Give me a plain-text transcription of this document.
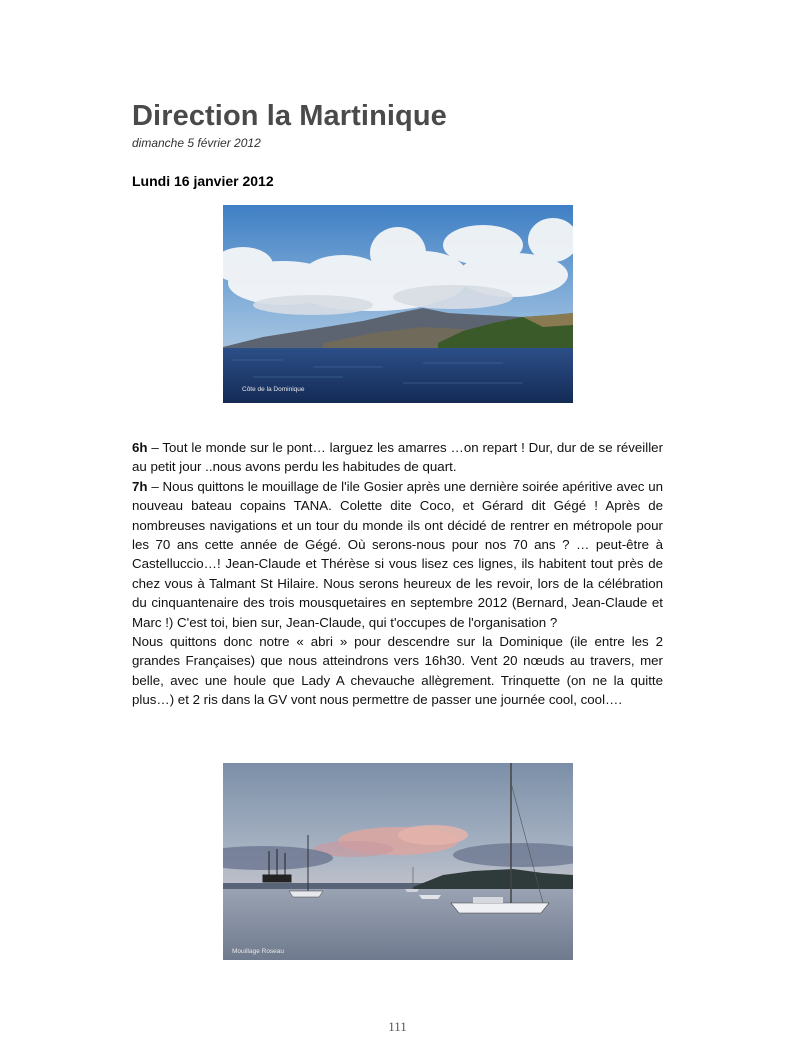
Direction la Martinique
dimanche 5 février 2012
Lundi 16 janvier 2012
Côte de la Dominique

6h – Tout le monde sur le pont… larguez les amarres …on repart ! Dur, dur de se réveiller au petit jour ..nous avons perdu les habitudes de quart.

7h – Nous quittons le mouillage de l'ile Gosier après une dernière soirée apéritive avec un nouveau bateau copains TANA. Colette dite Coco, et Gérard dit Gégé ! Après de nombreuses navigations et un tour du monde ils ont décidé de rentrer en métropole pour les 70 ans cette année de Gégé. Où serons-nous pour nos 70 ans ? … peut-être à Castelluccio…! Jean-Claude et Thérèse si vous lisez ces lignes, ils habitent tout près de chez vous à Talmant St Hilaire. Nous serons heureux de les revoir, lors de la célébration du cinquantenaire des trois mousquetaires en septembre 2012 (Bernard, Jean-Claude et Marc !) C'est toi, bien sur, Jean-Claude, qui t'occupes de l'organisation ?

Nous quittons donc notre « abri » pour descendre sur la Dominique (ile entre les 2 grandes Françaises) que nous atteindrons vers 16h30. Vent 20 nœuds au travers, mer belle, avec une houle que Lady A chevauche allègrement. Trinquette (on ne la quitte plus…) et 2 ris dans la GV vont nous permettre de passer une journée cool, cool….

Mouillage Roseau
111
